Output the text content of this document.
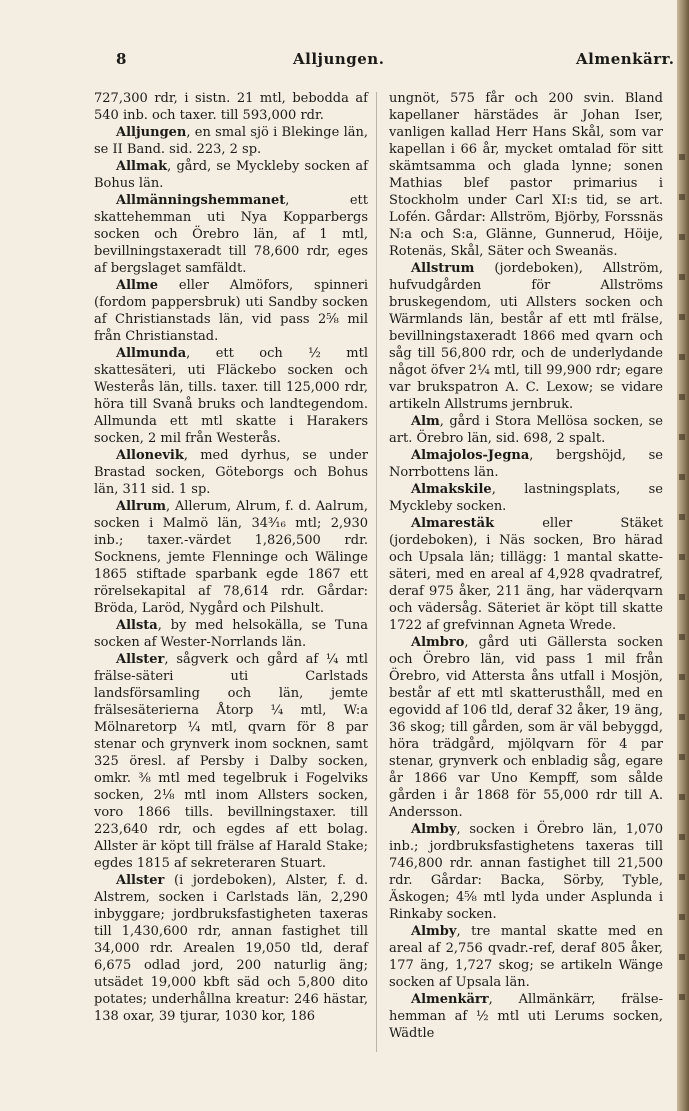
8	Alljungen.	Almenkärr.

727,300 rdr, i sistn. 21 mtl, bebodda af 540 inb. och taxer. till 593,000 rdr.

Alljungen, en smal sjö i Blekinge län, se II Band. sid. 223, 2 sp.

Allmak, gård, se Myckleby socken af Bohus län.

Allmänningshemmanet, ett skattehemman uti Nya Kopparbergs socken och Örebro län, af 1 mtl, bevillningstaxeradt till 78,600 rdr, eges af bergslaget samfäldt.

Allme eller Almöfors, spinneri (fordom pappersbruk) uti Sandby socken af Christianstads län, vid pass 2⅝ mil från Christianstad.

Allmunda, ett och ½ mtl skattesäteri, uti Fläckebo socken och Westerås län, tills. taxer. till 125,000 rdr, höra till Svanå bruks och landtegendom. Allmunda ett mtl skatte i Harakers socken, 2 mil från Westerås.

Allonevik, med dyrhus, se under Brastad socken, Göteborgs och Bohus län, 311 sid. 1 sp.

Allrum, Allerum, Alrum, f. d. Aalrum, socken i Malmö län, 34³⁄₁₆ mtl; 2,930 inb.; taxer.-värdet 1,826,500 rdr. Socknens, jemte Flenninge och Wälinge 1865 stiftade sparbank egde 1867 ett rörelsekapital af 78,614 rdr. Gårdar: Bröda, Laröd, Nygård och Pilshult.

Allsta, by med helsokälla, se Tuna socken af Wester-Norrlands län.

Allster, sågverk och gård af ¼ mtl frälse-säteri uti Carlstads landsförsamling och län, jemte frälsesäterierna Åtorp ¼ mtl, W:a Mölnaretorp ¼ mtl, qvarn för 8 par stenar och grynverk inom socknen, samt 325 öresl. af Persby i Dalby socken, omkr. ⅜ mtl med tegelbruk i Fogelviks socken, 2⅛ mtl inom Allsters socken, voro 1866 tills. bevillningstaxer. till 223,640 rdr, och egdes af ett bolag. Allster är köpt till frälse af Harald Stake; egdes 1815 af sekreteraren Stuart.

Allster (i jordeboken), Alster, f. d. Alstrem, socken i Carlstads län, 2,290 inbyggare; jordbruksfastigheten taxeras till 1,430,600 rdr, annan fastighet till 34,000 rdr. Arealen 19,050 tld, deraf 6,675 odlad jord, 200 naturlig äng; utsädet 19,000 kbft säd och 5,800 dito potates; underhållna kreatur: 246 hästar, 138 oxar, 39 tjurar, 1030 kor, 186

ungnöt, 575 får och 200 svin. Bland kapellaner härstädes är Johan Iser, vanligen kallad Herr Hans Skål, som var kapellan i 66 år, mycket omtalad för sitt skämtsamma och glada lynne; sonen Mathias blef pastor primarius i Stockholm under Carl XI:s tid, se art. Lofén. Gårdar: Allström, Björby, Forssnäs N:a och S:a, Glänne, Gunnerud, Höije, Rotenäs, Skål, Säter och Sweanäs.

Allstrum (jordeboken), Allström, hufvudgården för Allströms bruskegendom, uti Allsters socken och Wärmlands län, består af ett mtl frälse, bevillningstaxeradt 1866 med qvarn och såg till 56,800 rdr, och de underlydande något öfver 2¼ mtl, till 99,900 rdr; egare var brukspatron A. C. Lexow; se vidare artikeln Allstrums jernbruk.

Alm, gård i Stora Mellösa socken, se art. Örebro län, sid. 698, 2 spalt.

Almajolos-Jegna, bergshöjd, se Norrbottens län.

Almakskile, lastningsplats, se Myckleby socken.

Almarestäk eller Stäket (jordeboken), i Näs socken, Bro härad och Upsala län; tillägg: 1 mantal skatte-säteri, med en areal af 4,928 qvadratref, deraf 975 åker, 211 äng, har väderqvarn och vädersåg. Säteriet är köpt till skatte 1722 af grefvinnan Agneta Wrede.

Almbro, gård uti Gällersta socken och Örebro län, vid pass 1 mil från Örebro, vid Attersta åns utfall i Mosjön, består af ett mtl skatterusthåll, med en egovidd af 106 tld, deraf 32 åker, 19 äng, 36 skog; till gården, som är väl bebyggd, höra trädgård, mjölqvarn för 4 par stenar, grynverk och enbladig såg, egare år 1866 var Uno Kempff, som sålde gården i år 1868 för 55,000 rdr till A. Andersson.

Almby, socken i Örebro län, 1,070 inb.; jordbruksfastighetens taxeras till 746,800 rdr. annan fastighet till 21,500 rdr. Gårdar: Backa, Sörby, Tyble, Äskogen; 4⅝ mtl lyda under Asplunda i Rinkaby socken.

Almby, tre mantal skatte med en areal af 2,756 qvadr.-ref, deraf 805 åker, 177 äng, 1,727 skog; se artikeln Wänge socken af Upsala län.

Almenkärr, Allmänkärr, frälse-hemman af ½ mtl uti Lerums socken, Wädtle
